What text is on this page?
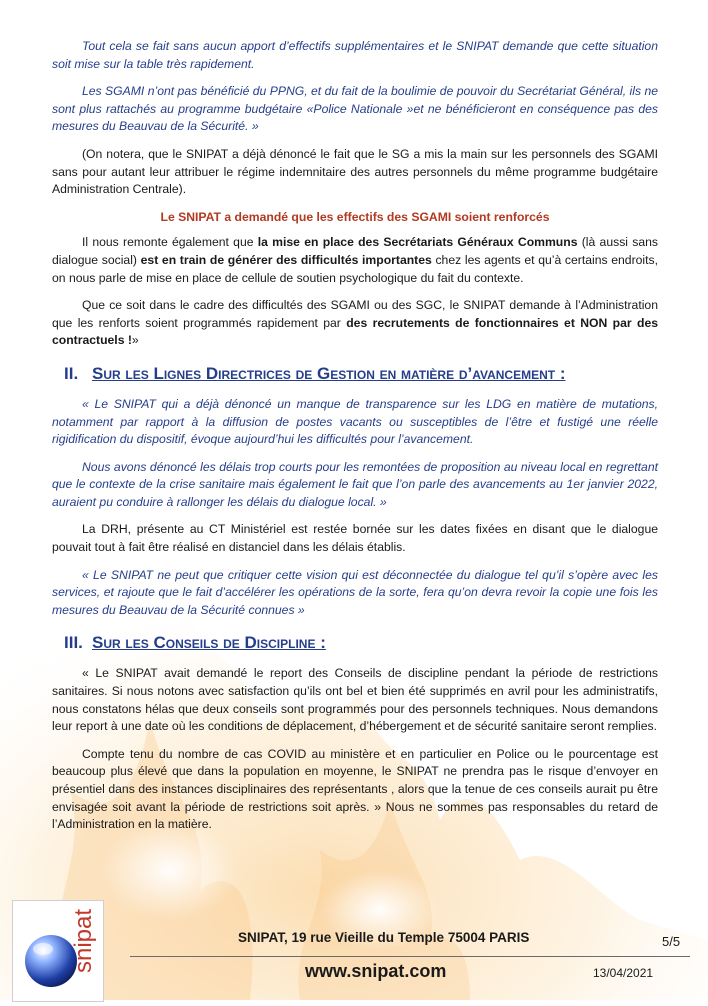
Tout cela se fait sans aucun apport d’effectifs supplémentaires et le SNIPAT demande que cette situation soit mise sur la table très rapidement.

Les SGAMI n’ont pas bénéficié du PPNG, et du fait de la boulimie de pouvoir du Secrétariat Général, ils ne sont plus rattachés au programme budgétaire «Police Nationale »et ne bénéficieront en conséquence pas des mesures du Beauvau de la Sécurité. »

(On notera, que le SNIPAT a déjà dénoncé le fait que le SG a mis la main sur les personnels des SGAMI sans pour autant leur attribuer le régime indemnitaire des autres personnels du même programme budgétaire Administration Centrale).

Le SNIPAT a demandé que les effectifs des SGAMI soient renforcés

Il nous remonte également que la mise en place des Secrétariats Généraux Communs (là aussi sans dialogue social) est en train de générer des difficultés importantes chez les agents et qu’à certains endroits, on nous parle de mise en place de cellule de soutien psychologique du fait du contexte.

Que ce soit dans le cadre des difficultés des SGAMI ou des SGC, le SNIPAT demande à l’Administration que les renforts soient programmés rapidement par des recrutements de fonctionnaires et NON par des contractuels !»

II. Sur les Lignes Directrices de Gestion en matière d’avancement :

« Le SNIPAT qui a déjà dénoncé un manque de transparence sur les LDG en matière de mutations, notamment par rapport à la diffusion de postes vacants ou susceptibles de l’être et fustigé une réelle rigidification du dispositif, évoque aujourd’hui les difficultés pour l’avancement.

Nous avons dénoncé les délais trop courts pour les remontées de proposition au niveau local en regrettant que le contexte de la crise sanitaire mais également le fait que l’on parle des avancements au 1er janvier 2022, auraient pu conduire à rallonger les délais du dialogue local. »

La DRH, présente au CT Ministériel est restée bornée sur les dates fixées en disant que le dialogue pouvait tout à fait être réalisé en distanciel dans les délais établis.

« Le SNIPAT ne peut que critiquer cette vision qui est déconnectée du dialogue tel qu’il s’opère avec les services, et rajoute que le fait d’accélérer les opérations de la sorte, fera qu’on devra revoir la copie une fois les mesures du Beauvau de la Sécurité connues »

III. Sur les Conseils de Discipline :

« Le SNIPAT avait demandé le report des Conseils de discipline pendant la période de restrictions sanitaires. Si nous notons avec satisfaction qu’ils ont bel et bien été supprimés en avril pour les administratifs, nous constatons hélas que deux conseils sont programmés pour des personnels techniques. Nous demandons leur report à une date où les conditions de déplacement, d’hébergement et de sécurité sanitaire seront remplies.

Compte tenu du nombre de cas COVID au ministère et en particulier en Police ou le pourcentage est beaucoup plus élevé que dans la population en moyenne, le SNIPAT ne prendra pas le risque d’envoyer en présentiel dans des instances disciplinaires des représentants , alors que la tenue de ces conseils aurait pu être envisagée soit avant la période de restrictions soit après. » Nous ne sommes pas responsables du retard de l’Administration en la matière.

snipat	SNIPAT, 19 rue Vieille du Temple 75004 PARIS	5/5
www.snipat.com	13/04/2021
